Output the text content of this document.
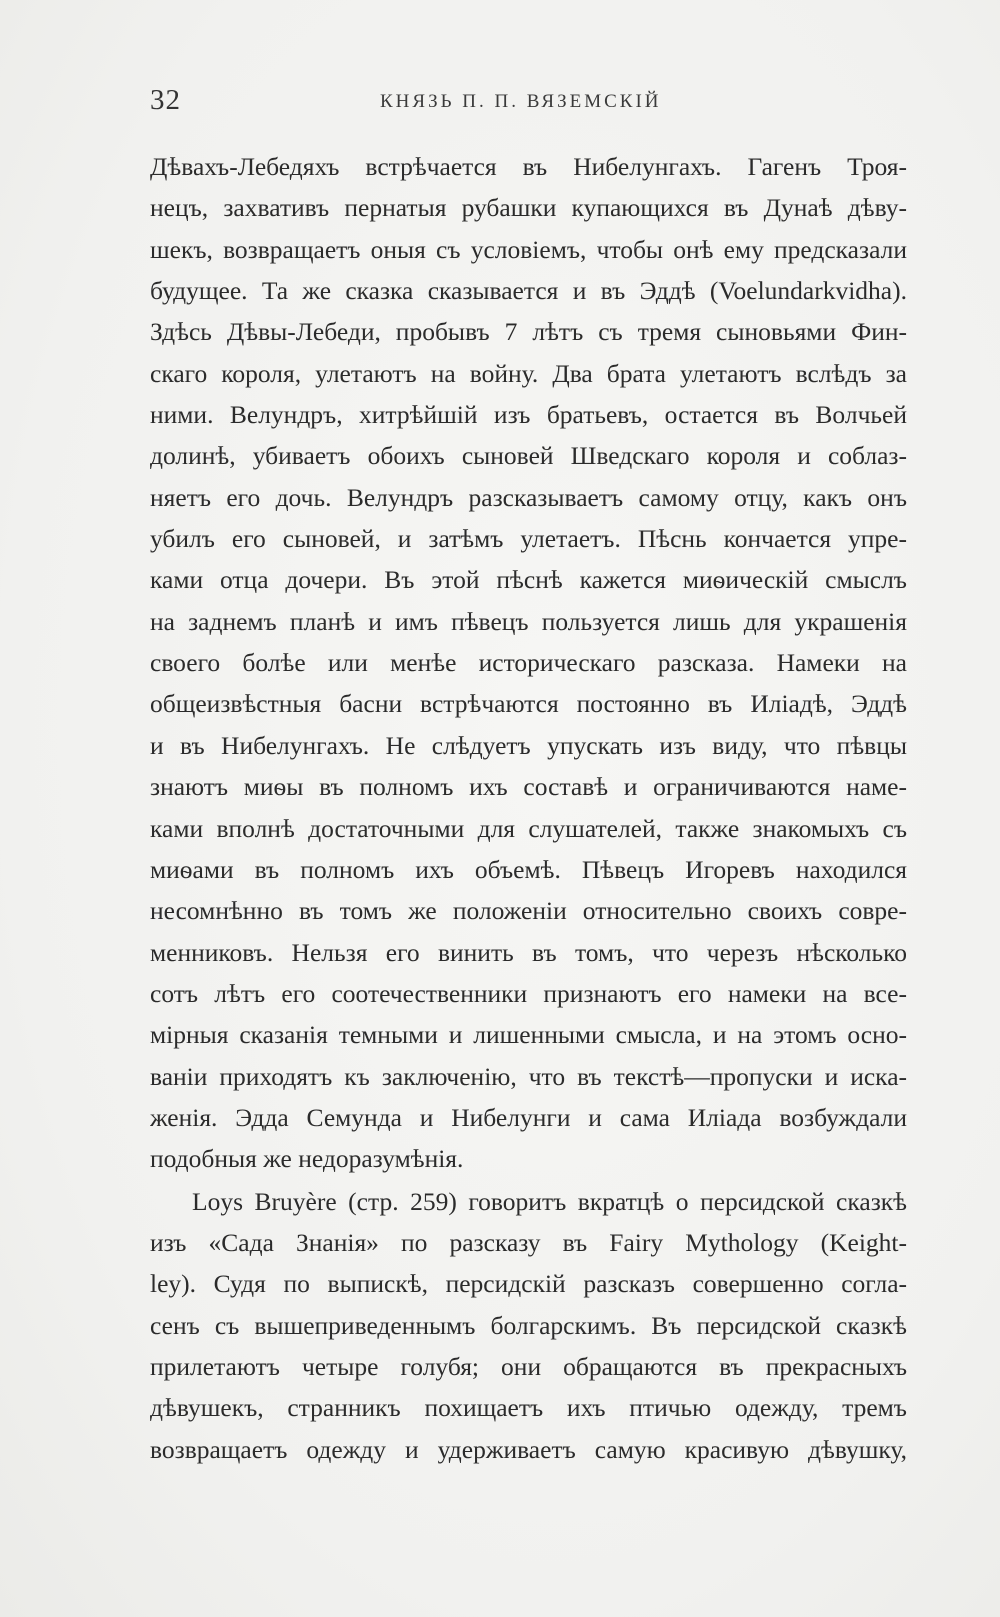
32	КНЯЗЬ П. П. ВЯЗЕМСКІЙ
Дѣвахъ-Лебедяхъ встрѣчается въ Нибелунгахъ. Гагенъ Троя-
нецъ, захвативъ пернатыя рубашки купающихся въ Дунаѣ дѣву-
шекъ, возвращаетъ оныя съ условіемъ, чтобы онѣ ему предсказали
будущее. Та же сказка сказывается и въ Эддѣ (Voelundarkvidha).
Здѣсь Дѣвы-Лебеди, пробывъ 7 лѣтъ съ тремя сыновьями Фин-
скаго короля, улетаютъ на войну. Два брата улетаютъ вслѣдъ за
ними. Велундръ, хитрѣйшій изъ братьевъ, остается въ Волчьей
долинѣ, убиваетъ обоихъ сыновей Шведскаго короля и соблаз-
няетъ его дочь. Велундръ разсказываетъ самому отцу, какъ онъ
убилъ его сыновей, и затѣмъ улетаетъ. Пѣснь кончается упре-
ками отца дочери. Въ этой пѣснѣ кажется миѳическій смыслъ
на заднемъ планѣ и имъ пѣвецъ пользуется лишь для украшенія
своего болѣе или менѣе историческаго разсказа. Намеки на
общеизвѣстныя басни встрѣчаются постоянно въ Иліадѣ, Эддѣ
и въ Нибелунгахъ. Не слѣдуетъ упускать изъ виду, что пѣвцы
знаютъ миѳы въ полномъ ихъ составѣ и ограничиваются наме-
ками вполнѣ достаточными для слушателей, также знакомыхъ съ
миѳами въ полномъ ихъ объемѣ. Пѣвецъ Игоревъ находился
несомнѣнно въ томъ же положеніи относительно своихъ совре-
менниковъ. Нельзя его винить въ томъ, что черезъ нѣсколько
сотъ лѣтъ его соотечественники признаютъ его намеки на все-
мірныя сказанія темными и лишенными смысла, и на этомъ осно-
ваніи приходятъ къ заключенію, что въ текстѣ—пропуски и иска-
женія. Эдда Семунда и Нибелунги и сама Иліада возбуждали
подобныя же недоразумѣнія.
Loys Bruyère (стр. 259) говоритъ вкратцѣ о персидской сказкѣ
изъ «Сада Знанія» по разсказу въ Fairy Mythology (Keight-
ley). Судя по выпискѣ, персидскій разсказъ совершенно согла-
сенъ съ вышеприведеннымъ болгарскимъ. Въ персидской сказкѣ
прилетаютъ четыре голубя; они обращаются въ прекрасныхъ
дѣвушекъ, странникъ похищаетъ ихъ птичью одежду, тремъ
возвращаетъ одежду и удерживаетъ самую красивую дѣвушку,
